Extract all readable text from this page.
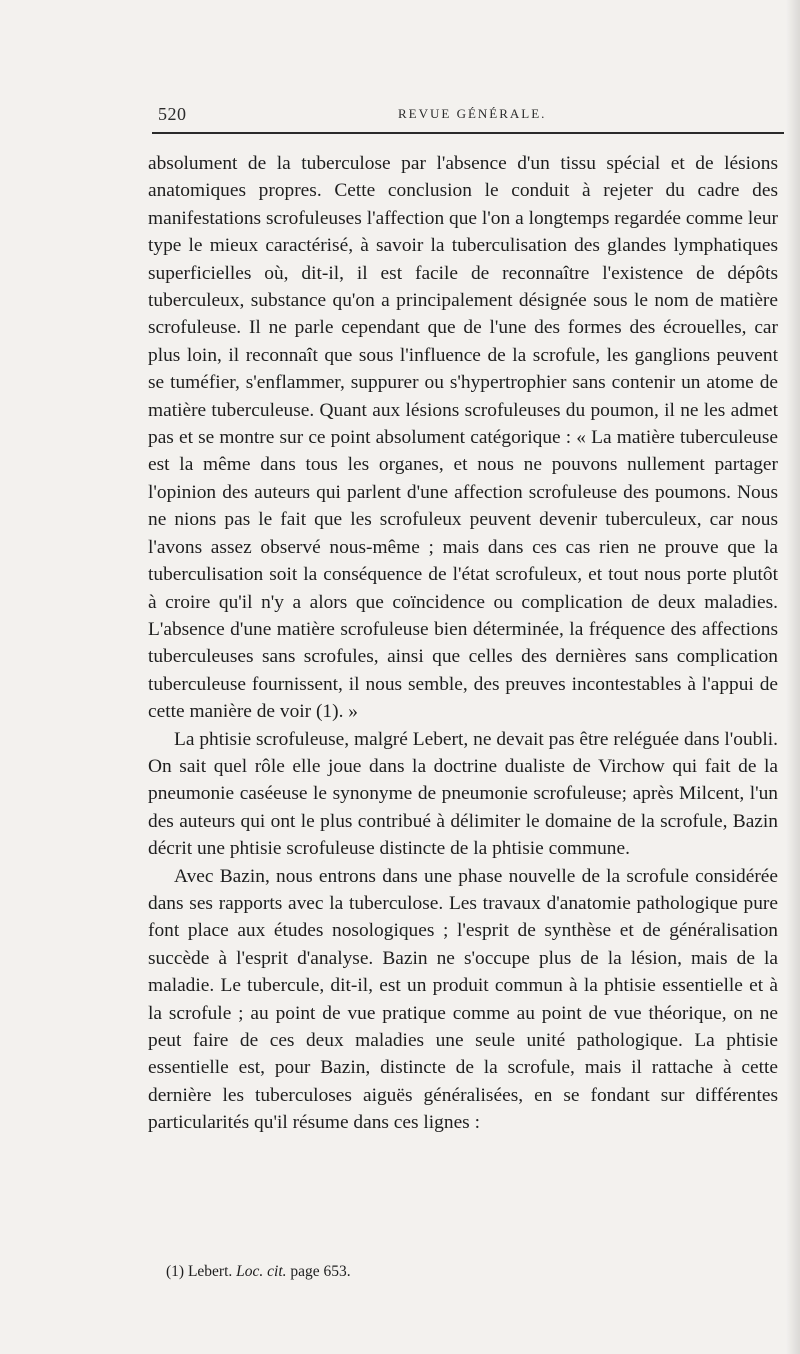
520	REVUE GÉNÉRALE.

absolument de la tuberculose par l'absence d'un tissu spécial et de lésions anatomiques propres. Cette conclusion le conduit à rejeter du cadre des manifestations scrofuleuses l'affection que l'on a longtemps regardée comme leur type le mieux caractérisé, à savoir la tuberculisation des glandes lymphatiques superficielles où, dit-il, il est facile de reconnaître l'existence de dépôts tuberculeux, substance qu'on a principalement désignée sous le nom de matière scrofuleuse. Il ne parle cependant que de l'une des formes des écrouelles, car plus loin, il reconnaît que sous l'influence de la scrofule, les ganglions peuvent se tuméfier, s'enflammer, suppurer ou s'hypertrophier sans contenir un atome de matière tuberculeuse. Quant aux lésions scrofuleuses du poumon, il ne les admet pas et se montre sur ce point absolument catégorique : « La matière tuberculeuse est la même dans tous les organes, et nous ne pouvons nullement partager l'opinion des auteurs qui parlent d'une affection scrofuleuse des poumons. Nous ne nions pas le fait que les scrofuleux peuvent devenir tuberculeux, car nous l'avons assez observé nous-même ; mais dans ces cas rien ne prouve que la tuberculisation soit la conséquence de l'état scrofuleux, et tout nous porte plutôt à croire qu'il n'y a alors que coïncidence ou complication de deux maladies. L'absence d'une matière scrofuleuse bien déterminée, la fréquence des affections tuberculeuses sans scrofules, ainsi que celles des dernières sans complication tuberculeuse fournissent, il nous semble, des preuves incontestables à l'appui de cette manière de voir (1). »

La phtisie scrofuleuse, malgré Lebert, ne devait pas être reléguée dans l'oubli. On sait quel rôle elle joue dans la doctrine dualiste de Virchow qui fait de la pneumonie caséeuse le synonyme de pneumonie scrofuleuse; après Milcent, l'un des auteurs qui ont le plus contribué à délimiter le domaine de la scrofule, Bazin décrit une phtisie scrofuleuse distincte de la phtisie commune.

Avec Bazin, nous entrons dans une phase nouvelle de la scrofule considérée dans ses rapports avec la tuberculose. Les travaux d'anatomie pathologique pure font place aux études nosologiques ; l'esprit de synthèse et de généralisation succède à l'esprit d'analyse. Bazin ne s'occupe plus de la lésion, mais de la maladie. Le tubercule, dit-il, est un produit commun à la phtisie essentielle et à la scrofule ; au point de vue pratique comme au point de vue théorique, on ne peut faire de ces deux maladies une seule unité pathologique. La phtisie essentielle est, pour Bazin, distincte de la scrofule, mais il rattache à cette dernière les tuberculoses aiguës généralisées, en se fondant sur différentes particularités qu'il résume dans ces lignes :

(1) Lebert. Loc. cit. page 653.
